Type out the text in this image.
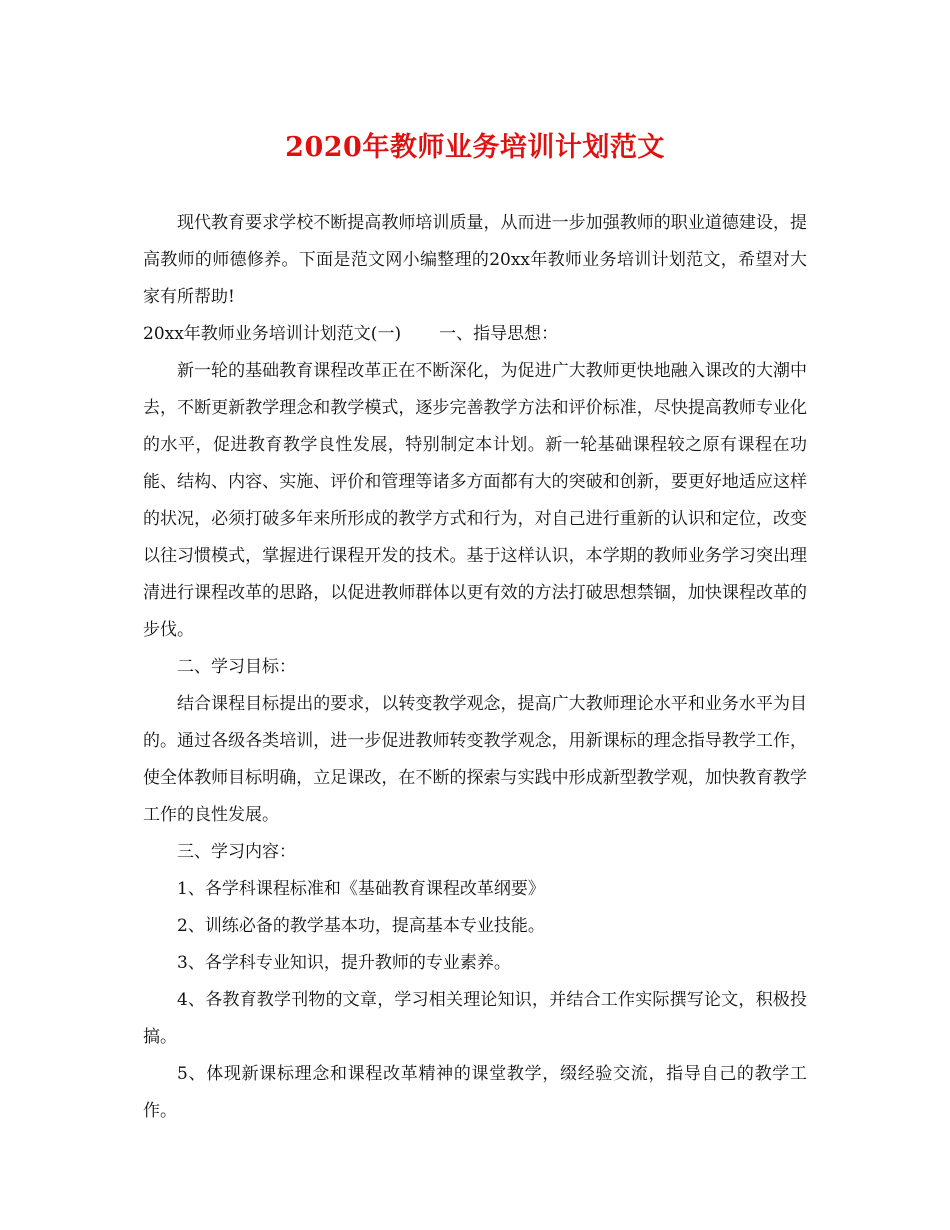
2020年教师业务培训计划范文

现代教育要求学校不断提高教师培训质量，从而进一步加强教师的职业道德建设，提高教师的师德修养。下面是范文网小编整理的20xx年教师业务培训计划范文，希望对大家有所帮助!

20xx年教师业务培训计划范文(一) 一、指导思想：

新一轮的基础教育课程改革正在不断深化，为促进广大教师更快地融入课改的大潮中去，不断更新教学理念和教学模式，逐步完善教学方法和评价标准，尽快提高教师专业化的水平，促进教育教学良性发展，特别制定本计划。新一轮基础课程较之原有课程在功能、结构、内容、实施、评价和管理等诸多方面都有大的突破和创新，要更好地适应这样的状况，必须打破多年来所形成的教学方式和行为，对自己进行重新的认识和定位，改变以往习惯模式，掌握进行课程开发的技术。基于这样认识，本学期的教师业务学习突出理清进行课程改革的思路，以促进教师群体以更有效的方法打破思想禁锢，加快课程改革的步伐。

二、学习目标：

结合课程目标提出的要求，以转变教学观念，提高广大教师理论水平和业务水平为目的。通过各级各类培训，进一步促进教师转变教学观念，用新课标的理念指导教学工作，使全体教师目标明确，立足课改，在不断的探索与实践中形成新型教学观，加快教育教学工作的良性发展。

三、学习内容：

1、各学科课程标准和《基础教育课程改革纲要》

2、训练必备的教学基本功，提高基本专业技能。

3、各学科专业知识，提升教师的专业素养。

4、各教育教学刊物的文章，学习相关理论知识，并结合工作实际撰写论文，积极投搞。

5、体现新课标理念和课程改革精神的课堂教学，缀经验交流，指导自己的教学工作。
